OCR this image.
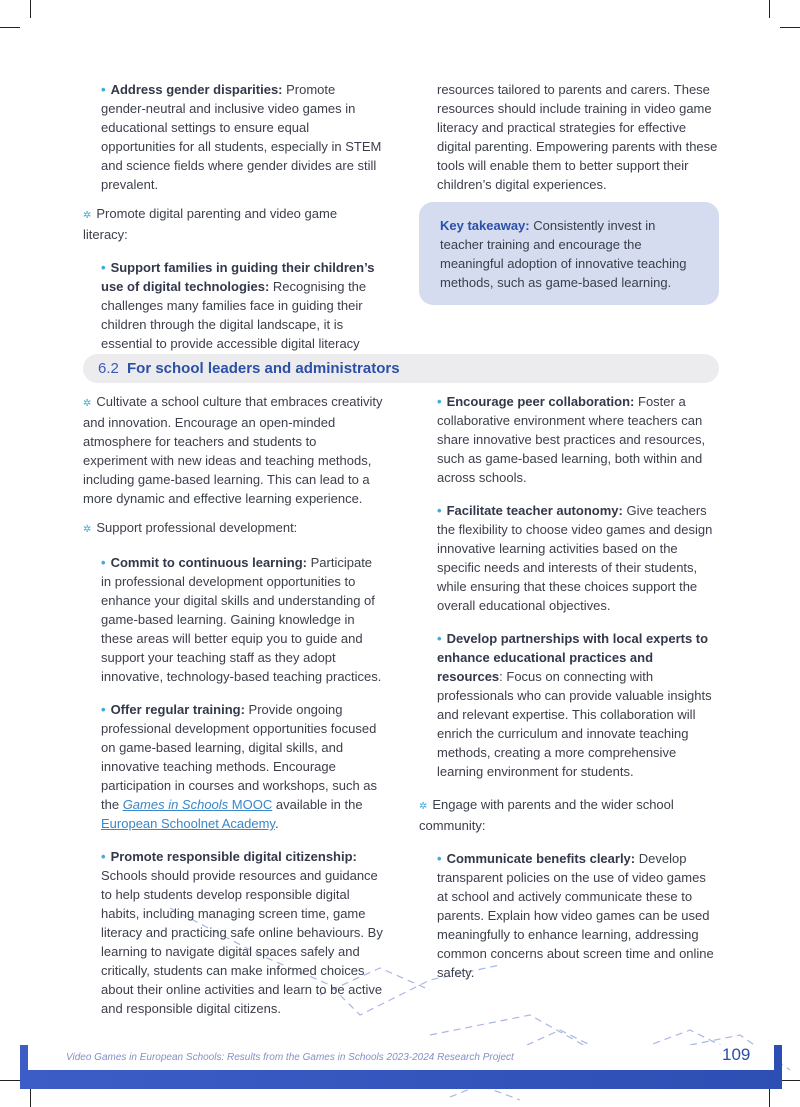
• Address gender disparities: Promote gender-neutral and inclusive video games in educational settings to ensure equal opportunities for all students, especially in STEM and science fields where gender divides are still prevalent.

✲ Promote digital parenting and video game literacy:

• Support families in guiding their children’s use of digital technologies: Recognising the challenges many families face in guiding their children through the digital landscape, it is essential to provide accessible digital literacy

resources tailored to parents and carers. These resources should include training in video game literacy and practical strategies for effective digital parenting. Empowering parents with these tools will enable them to better support their children’s digital experiences.

Key takeaway: Consistently invest in teacher training and encourage the meaningful adoption of innovative teaching methods, such as game-based learning.

6.2 For school leaders and administrators

✲ Cultivate a school culture that embraces creativity and innovation. Encourage an open-minded atmosphere for teachers and students to experiment with new ideas and teaching methods, including game-based learning. This can lead to a more dynamic and effective learning experience.

✲ Support professional development:

• Commit to continuous learning: Participate in professional development opportunities to enhance your digital skills and understanding of game-based learning. Gaining knowledge in these areas will better equip you to guide and support your teaching staff as they adopt innovative, technology-based teaching practices.

• Offer regular training: Provide ongoing professional development opportunities focused on game-based learning, digital skills, and innovative teaching methods. Encourage participation in courses and workshops, such as the Games in Schools MOOC available in the European Schoolnet Academy.

• Promote responsible digital citizenship: Schools should provide resources and guidance to help students develop responsible digital habits, including managing screen time, game literacy and practicing safe online behaviours. By learning to navigate digital spaces safely and critically, students can make informed choices about their online activities and learn to be active and responsible digital citizens.

• Encourage peer collaboration: Foster a collaborative environment where teachers can share innovative best practices and resources, such as game-based learning, both within and across schools.

• Facilitate teacher autonomy: Give teachers the flexibility to choose video games and design innovative learning activities based on the specific needs and interests of their students, while ensuring that these choices support the overall educational objectives.

• Develop partnerships with local experts to enhance educational practices and resources: Focus on connecting with professionals who can provide valuable insights and relevant expertise. This collaboration will enrich the curriculum and innovate teaching methods, creating a more comprehensive learning environment for students.

✲ Engage with parents and the wider school community:

• Communicate benefits clearly: Develop transparent policies on the use of video games at school and actively communicate these to parents. Explain how video games can be used meaningfully to enhance learning, addressing common concerns about screen time and online safety.

Video Games in European Schools: Results from the Games in Schools 2023-2024 Research Project	109
